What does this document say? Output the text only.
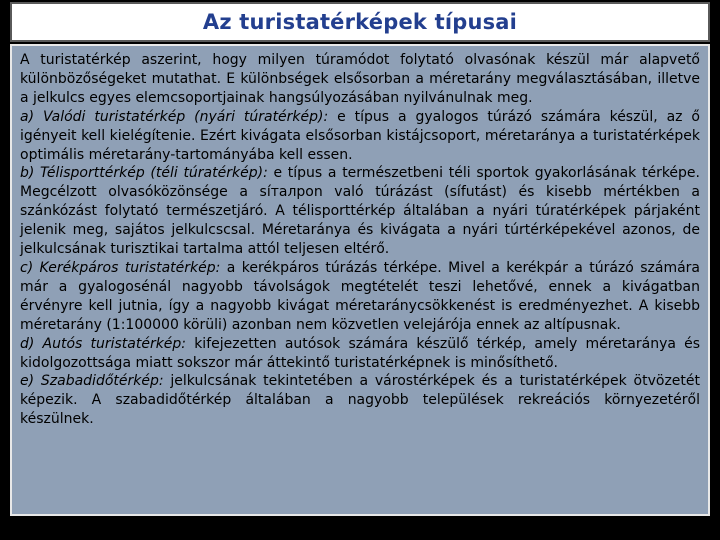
Az turistatérképek típusai

A turistatérkép aszerint, hogy milyen túramódot folytató olvasónak készül már alapvető különbözőségeket mutathat. E különbségek elsősorban a méretarány megválasztásában, illetve a jelkulcs egyes elemcsoportjainak hangsúlyozásában nyilvánulnak meg.

a) Valódi turistatérkép (nyári túratérkép): e típus a gyalogos túrázó számára készül, az ő igényeit kell kielégítenie. Ezért kivágata elsősorban kistájcsoport, méretaránya a turistatérképek optimális méretarány-tartományába kell essen.

b) Télisporttérkép (téli túratérkép): e típus a természetbeni téli sportok gyakorlásának térképe. Megcélzott olvasóközönsége a síталpon való túrázást (sífutást) és kisebb mértékben a szánkózást folytató természetjáró. A télisporttérkép általában a nyári túratérképek párjaként jelenik meg, sajátos jelkulcsсsal. Méretaránya és kivágata a nyári túrtérképekével azonos, de jelkulcsának turisztikai tartalma attól teljesen eltérő.

c) Kerékpáros turistatérkép: a kerékpáros túrázás térképe. Mivel a kerékpár a túrázó számára már a gyalogosénál nagyobb távolságok megtételét teszi lehetővé, ennek a kivágatban érvényre kell jutnia, így a nagyobb kivágat méretaránycsökkenést is eredményezhet. A kisebb méretarány (1:100000 körüli) azonban nem közvetlen velejárója ennek az altípusnak.

d) Autós turistatérkép: kifejezetten autósok számára készülő térkép, amely méretaránya és kidolgozottsága miatt sokszor már áttekintő turistatérképnek is minősíthető.

e) Szabadidőtérkép: jelkulcsának tekintetében a várostérképek és a turistatérképek ötvözetét képezik. A szabadidőtérkép általában a nagyobb települések rekreációs környezetéről készülnek.
